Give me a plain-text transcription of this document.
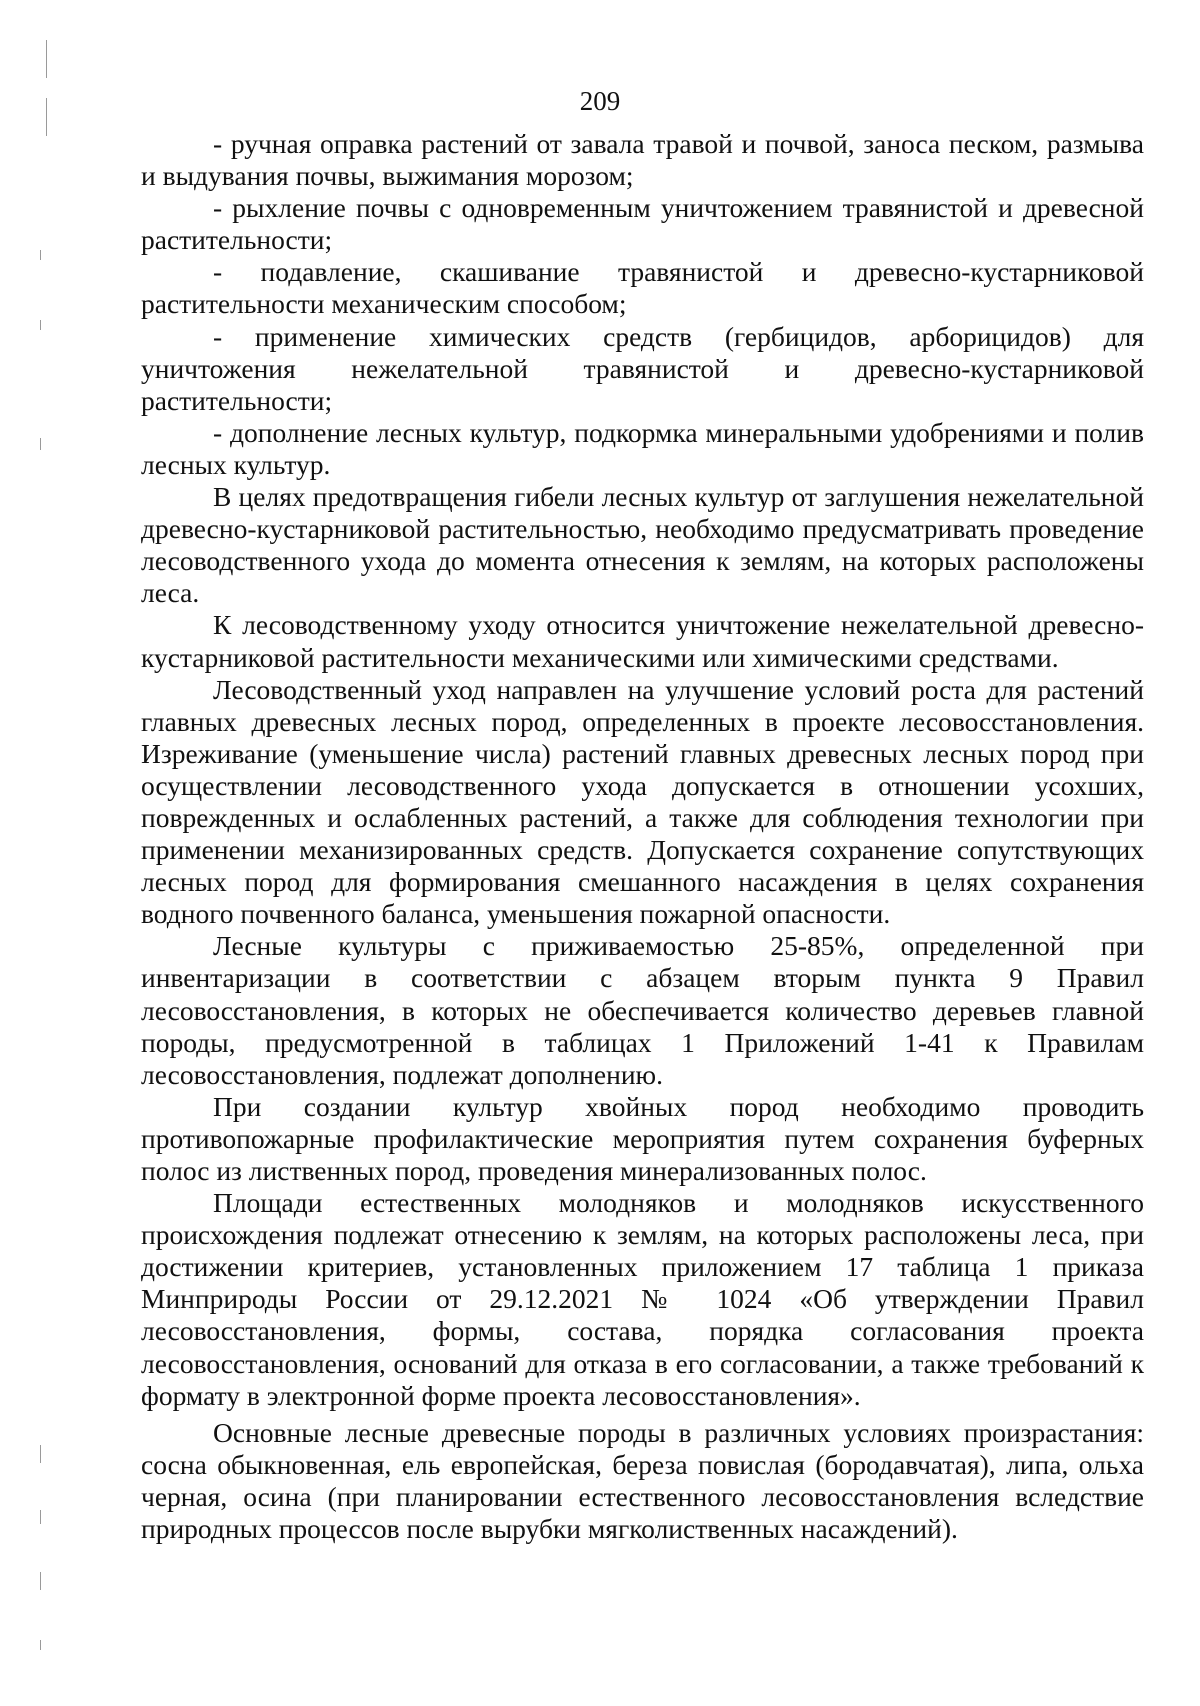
209

- ручная оправка растений от завала травой и почвой, заноса песком, размыва и выдувания почвы, выжимания морозом;

- рыхление почвы с одновременным уничтожением травянистой и древесной растительности;

- подавление, скашивание травянистой и древесно-кустарниковой растительности механическим способом;

- применение химических средств (гербицидов, арборицидов) для уничтожения нежелательной травянистой и древесно-кустарниковой растительности;

- дополнение лесных культур, подкормка минеральными удобрениями и полив лесных культур.

В целях предотвращения гибели лесных культур от заглушения нежелательной древесно-кустарниковой растительностью, необходимо предусматривать проведение лесоводственного ухода до момента отнесения к землям, на которых расположены леса.

К лесоводственному уходу относится уничтожение нежелательной древесно-кустарниковой растительности механическими или химическими средствами.

Лесоводственный уход направлен на улучшение условий роста для растений главных древесных лесных пород, определенных в проекте лесовосстановления. Изреживание (уменьшение числа) растений главных древесных лесных пород при осуществлении лесоводственного ухода допускается в отношении усохших, поврежденных и ослабленных растений, а также для соблюдения технологии при применении механизированных средств. Допускается сохранение сопутствующих лесных пород для формирования смешанного насаждения в целях сохранения водного почвенного баланса, уменьшения пожарной опасности.

Лесные культуры с приживаемостью 25-85%, определенной при инвентаризации в соответствии с абзацем вторым пункта 9 Правил лесовосстановления, в которых не обеспечивается количество деревьев главной породы, предусмотренной в таблицах 1 Приложений 1-41 к Правилам лесовосстановления, подлежат дополнению.

При создании культур хвойных пород необходимо проводить противопожарные профилактические мероприятия путем сохранения буферных полос из лиственных пород, проведения минерализованных полос.

Площади естественных молодняков и молодняков искусственного происхождения подлежат отнесению к землям, на которых расположены леса, при достижении критериев, установленных приложением 17 таблица 1 приказа Минприроды России от 29.12.2021 № 1024 «Об утверждении Правил лесовосстановления, формы, состава, порядка согласования проекта лесовосстановления, оснований для отказа в его согласовании, а также требований к формату в электронной форме проекта лесовосстановления».

Основные лесные древесные породы в различных условиях произрастания: сосна обыкновенная, ель европейская, береза повислая (бородавчатая), липа, ольха черная, осина (при планировании естественного лесовосстановления вследствие природных процессов после вырубки мягколиственных насаждений).
